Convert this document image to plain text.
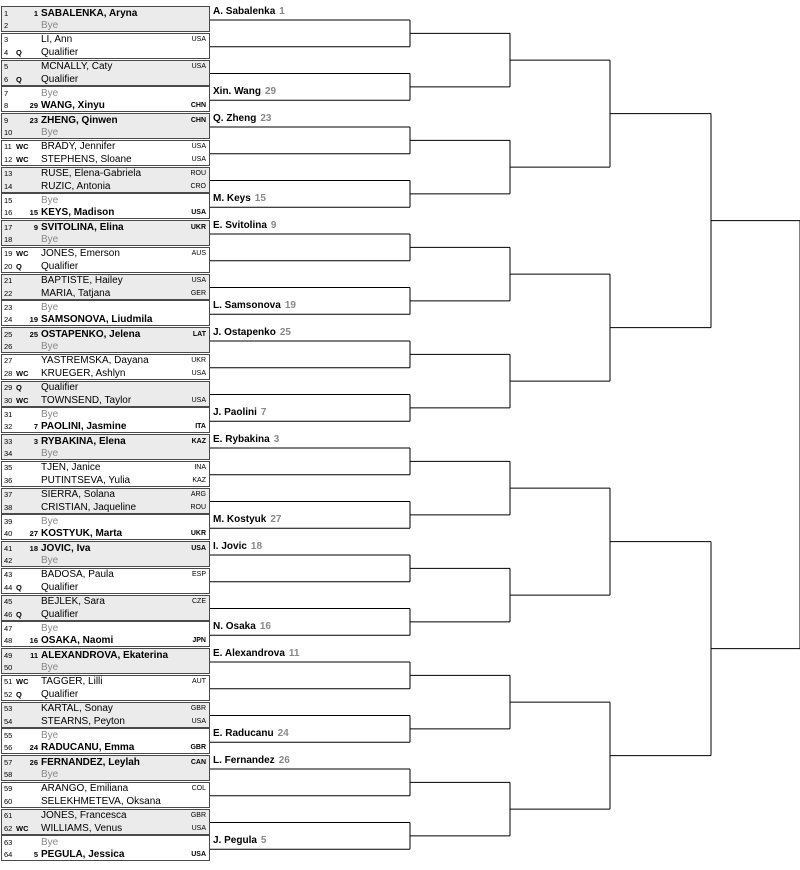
1	1 SABALENKA, Aryna
2	Bye
3	LI, Ann	USA
4	Q	Qualifier
5	MCNALLY, Caty	USA
6	Q	Qualifier
7	Bye
8	29 WANG, Xinyu	CHN
9	23 ZHENG, Qinwen	CHN
10	Bye
11 WC	BRADY, Jennifer	USA
12 WC	STEPHENS, Sloane	USA
13	RUSE, Elena-Gabriela	ROU
14	RUZIC, Antonia	CRO
15	Bye
16	15 KEYS, Madison	USA
17	9 SVITOLINA, Elina	UKR
18	Bye
19 WC	JONES, Emerson	AUS
20 Q	Qualifier
21	BAPTISTE, Hailey	USA
22	MARIA, Tatjana	GER
23	Bye
24	19 SAMSONOVA, Liudmila
25	25 OSTAPENKO, Jelena	LAT
26	Bye
27	YASTREMSKA, Dayana	UKR
28 WC	KRUEGER, Ashlyn	USA
29 Q	Qualifier
30 WC	TOWNSEND, Taylor	USA
31	Bye
32	7 PAOLINI, Jasmine	ITA
33	3 RYBAKINA, Elena	KAZ
34	Bye
35	TJEN, Janice	INA
36	PUTINTSEVA, Yulia	KAZ
37	SIERRA, Solana	ARG
38	CRISTIAN, Jaqueline	ROU
39	Bye
40	27 KOSTYUK, Marta	UKR
41	18 JOVIC, Iva	USA
42	Bye
43	BADOSA, Paula	ESP
44 Q	Qualifier
45	BEJLEK, Sara	CZE
46 Q	Qualifier
47	Bye
48	16 OSAKA, Naomi	JPN
49	11 ALEXANDROVA, Ekaterina
50	Bye
51 WC	TAGGER, Lilli	AUT
52 Q	Qualifier
53	KARTAL, Sonay	GBR
54	STEARNS, Peyton	USA
55	Bye
56	24 RADUCANU, Emma	GBR
57	26 FERNANDEZ, Leylah	CAN
58	Bye
59	ARANGO, Emiliana	COL
60	SELEKHMETEVA, Oksana
61	JONES, Francesca	GBR
62 WC	WILLIAMS, Venus	USA
63	Bye
64	5 PEGULA, Jessica	USA
A. Sabalenka 1
Xin. Wang 29
Q. Zheng 23
M. Keys 15
E. Svitolina 9
L. Samsonova 19
J. Ostapenko 25
J. Paolini 7
E. Rybakina 3
M. Kostyuk 27
I. Jovic 18
N. Osaka 16
E. Alexandrova 11
E. Raducanu 24
L. Fernandez 26
J. Pegula 5
